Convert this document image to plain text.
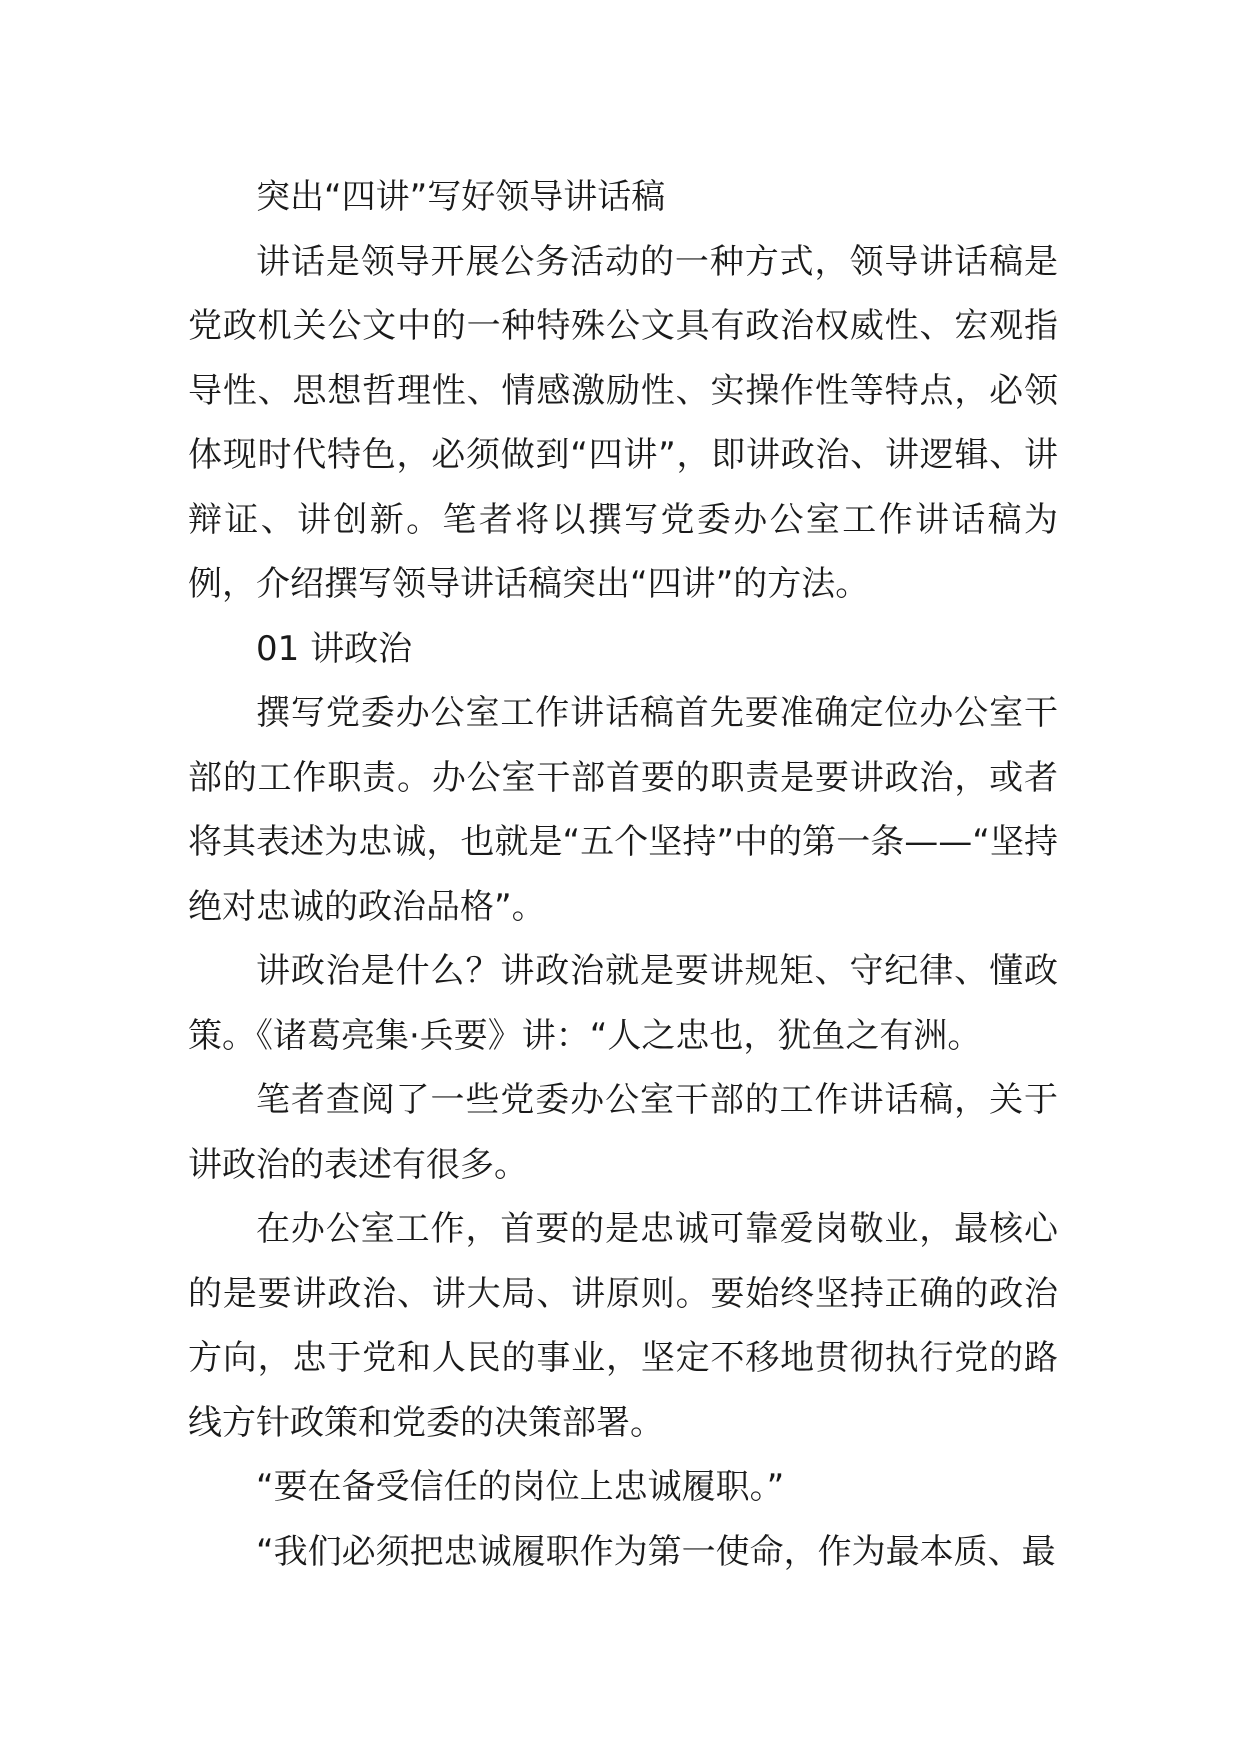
突出“四讲”写好领导讲话稿

讲话是领导开展公务活动的一种方式，领导讲话稿是党政机关公文中的一种特殊公文具有政治权威性、宏观指导性、思想哲理性、情感激励性、实操作性等特点，必领体现时代特色，必须做到“四讲”，即讲政治、讲逻辑、讲辩证、讲创新。笔者将以撰写党委办公室工作讲话稿为例，介绍撰写领导讲话稿突出“四讲”的方法。

01 讲政治

撰写党委办公室工作讲话稿首先要准确定位办公室干部的工作职责。办公室干部首要的职责是要讲政治，或者将其表述为忠诚，也就是“五个坚持”中的第一条——“坚持绝对忠诚的政治品格”。

讲政治是什么？讲政治就是要讲规矩、守纪律、懂政策。《诸葛亮集·兵要》讲：“人之忠也，犹鱼之有洲。

笔者查阅了一些党委办公室干部的工作讲话稿，关于讲政治的表述有很多。

在办公室工作，首要的是忠诚可靠爱岗敬业，最核心的是要讲政治、讲大局、讲原则。要始终坚持正确的政治方向，忠于党和人民的事业，坚定不移地贯彻执行党的路线方针政策和党委的决策部署。

“要在备受信任的岗位上忠诚履职。”

“我们必须把忠诚履职作为第一使命，作为最本质、最
